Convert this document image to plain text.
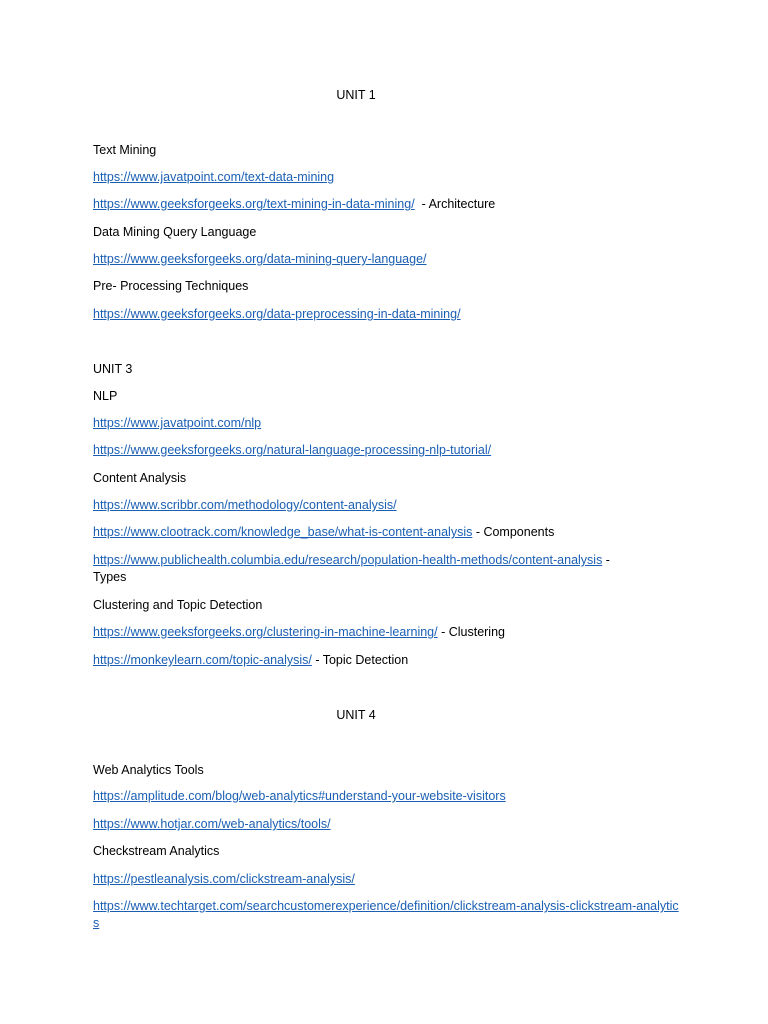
UNIT 1
Text Mining
https://www.javatpoint.com/text-data-mining
https://www.geeksforgeeks.org/text-mining-in-data-mining/  - Architecture
Data Mining Query Language
https://www.geeksforgeeks.org/data-mining-query-language/
Pre- Processing Techniques
https://www.geeksforgeeks.org/data-preprocessing-in-data-mining/
UNIT 3
NLP
https://www.javatpoint.com/nlp
https://www.geeksforgeeks.org/natural-language-processing-nlp-tutorial/
Content Analysis
https://www.scribbr.com/methodology/content-analysis/
https://www.clootrack.com/knowledge_base/what-is-content-analysis - Components
https://www.publichealth.columbia.edu/research/population-health-methods/content-analysis -
Types
Clustering and Topic Detection
https://www.geeksforgeeks.org/clustering-in-machine-learning/ - Clustering
https://monkeylearn.com/topic-analysis/ - Topic Detection
UNIT 4
Web Analytics Tools
https://amplitude.com/blog/web-analytics#understand-your-website-visitors
https://www.hotjar.com/web-analytics/tools/
Checkstream Analytics
https://pestleanalysis.com/clickstream-analysis/
https://www.techtarget.com/searchcustomerexperience/definition/clickstream-analysis-clickstream-analytics
